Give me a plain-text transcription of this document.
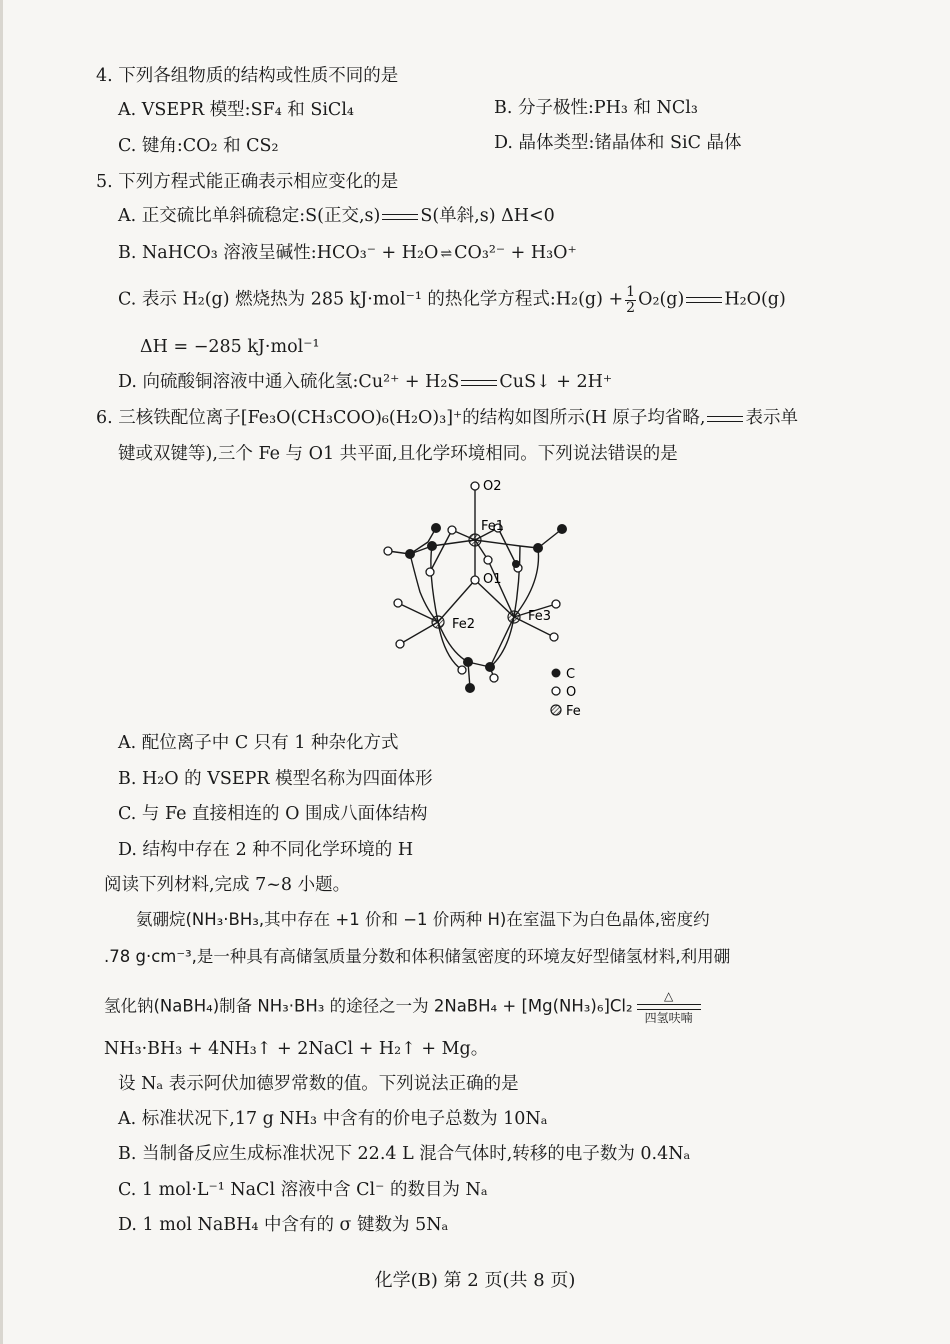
4. 下列各组物质的结构或性质不同的是
A. VSEPR 模型:SF₄ 和 SiCl₄	B. 分子极性:PH₃ 和 NCl₃
C. 键角:CO₂ 和 CS₂	D. 晶体类型:锗晶体和 SiC 晶体
5. 下列方程式能正确表示相应变化的是
A. 正交硫比单斜硫稳定:S(正交,s) S(单斜,s) ΔH<0
B. NaHCO₃ 溶液呈碱性:HCO₃⁻ + H₂O ⇌ CO₃²⁻ + H₃O⁺
C. 表示 H₂(g) 燃烧热为 285 kJ·mol⁻¹ 的热化学方程式:H₂(g) + $\frac{1}{2} O_2(g)$ H₂O(g)
ΔH = −285 kJ·mol⁻¹
D. 向硫酸铜溶液中通入硫化氢:Cu²⁺ + H₂S CuS↓ + 2H⁺
6. 三核铁配位离子[Fe₃O(CH₃COO)₆(H₂O)₃]⁺的结构如图所示(H 原子均省略, 表示单
键或双键等),三个 Fe 与 O1 共平面,且化学环境相同。下列说法错误的是
O2
Fe1
O1
Fe2
Fe3
C
O
Fe
A. 配位离子中 C 只有 1 种杂化方式
B. H₂O 的 VSEPR 模型名称为四面体形
C. 与 Fe 直接相连的 O 围成八面体结构
D. 结构中存在 2 种不同化学环境的 H
阅读下列材料,完成 7~8 小题。
氨硼烷(NH₃·BH₃,其中存在 +1 价和 −1 价两种 H)在室温下为白色晶体,密度约
.78 g·cm⁻³,是一种具有高储氢质量分数和体积储氢密度的环境友好型储氢材料,利用硼
氢化钠(NaBH₄)制备 NH₃·BH₃ 的途径之一为 2NaBH₄ + [Mg(NH₃)₆]Cl₂
△
四氢呋喃
NH₃·BH₃ + 4NH₃↑ + 2NaCl + H₂↑ + Mg。
设 Nₐ 表示阿伏加德罗常数的值。下列说法正确的是
A. 标准状况下,17 g NH₃ 中含有的价电子总数为 10Nₐ
B. 当制备反应生成标准状况下 22.4 L 混合气体时,转移的电子数为 0.4Nₐ
C. 1 mol·L⁻¹ NaCl 溶液中含 Cl⁻ 的数目为 Nₐ
D. 1 mol NaBH₄ 中含有的 σ 键数为 5Nₐ
化学(B) 第 2 页(共 8 页)
